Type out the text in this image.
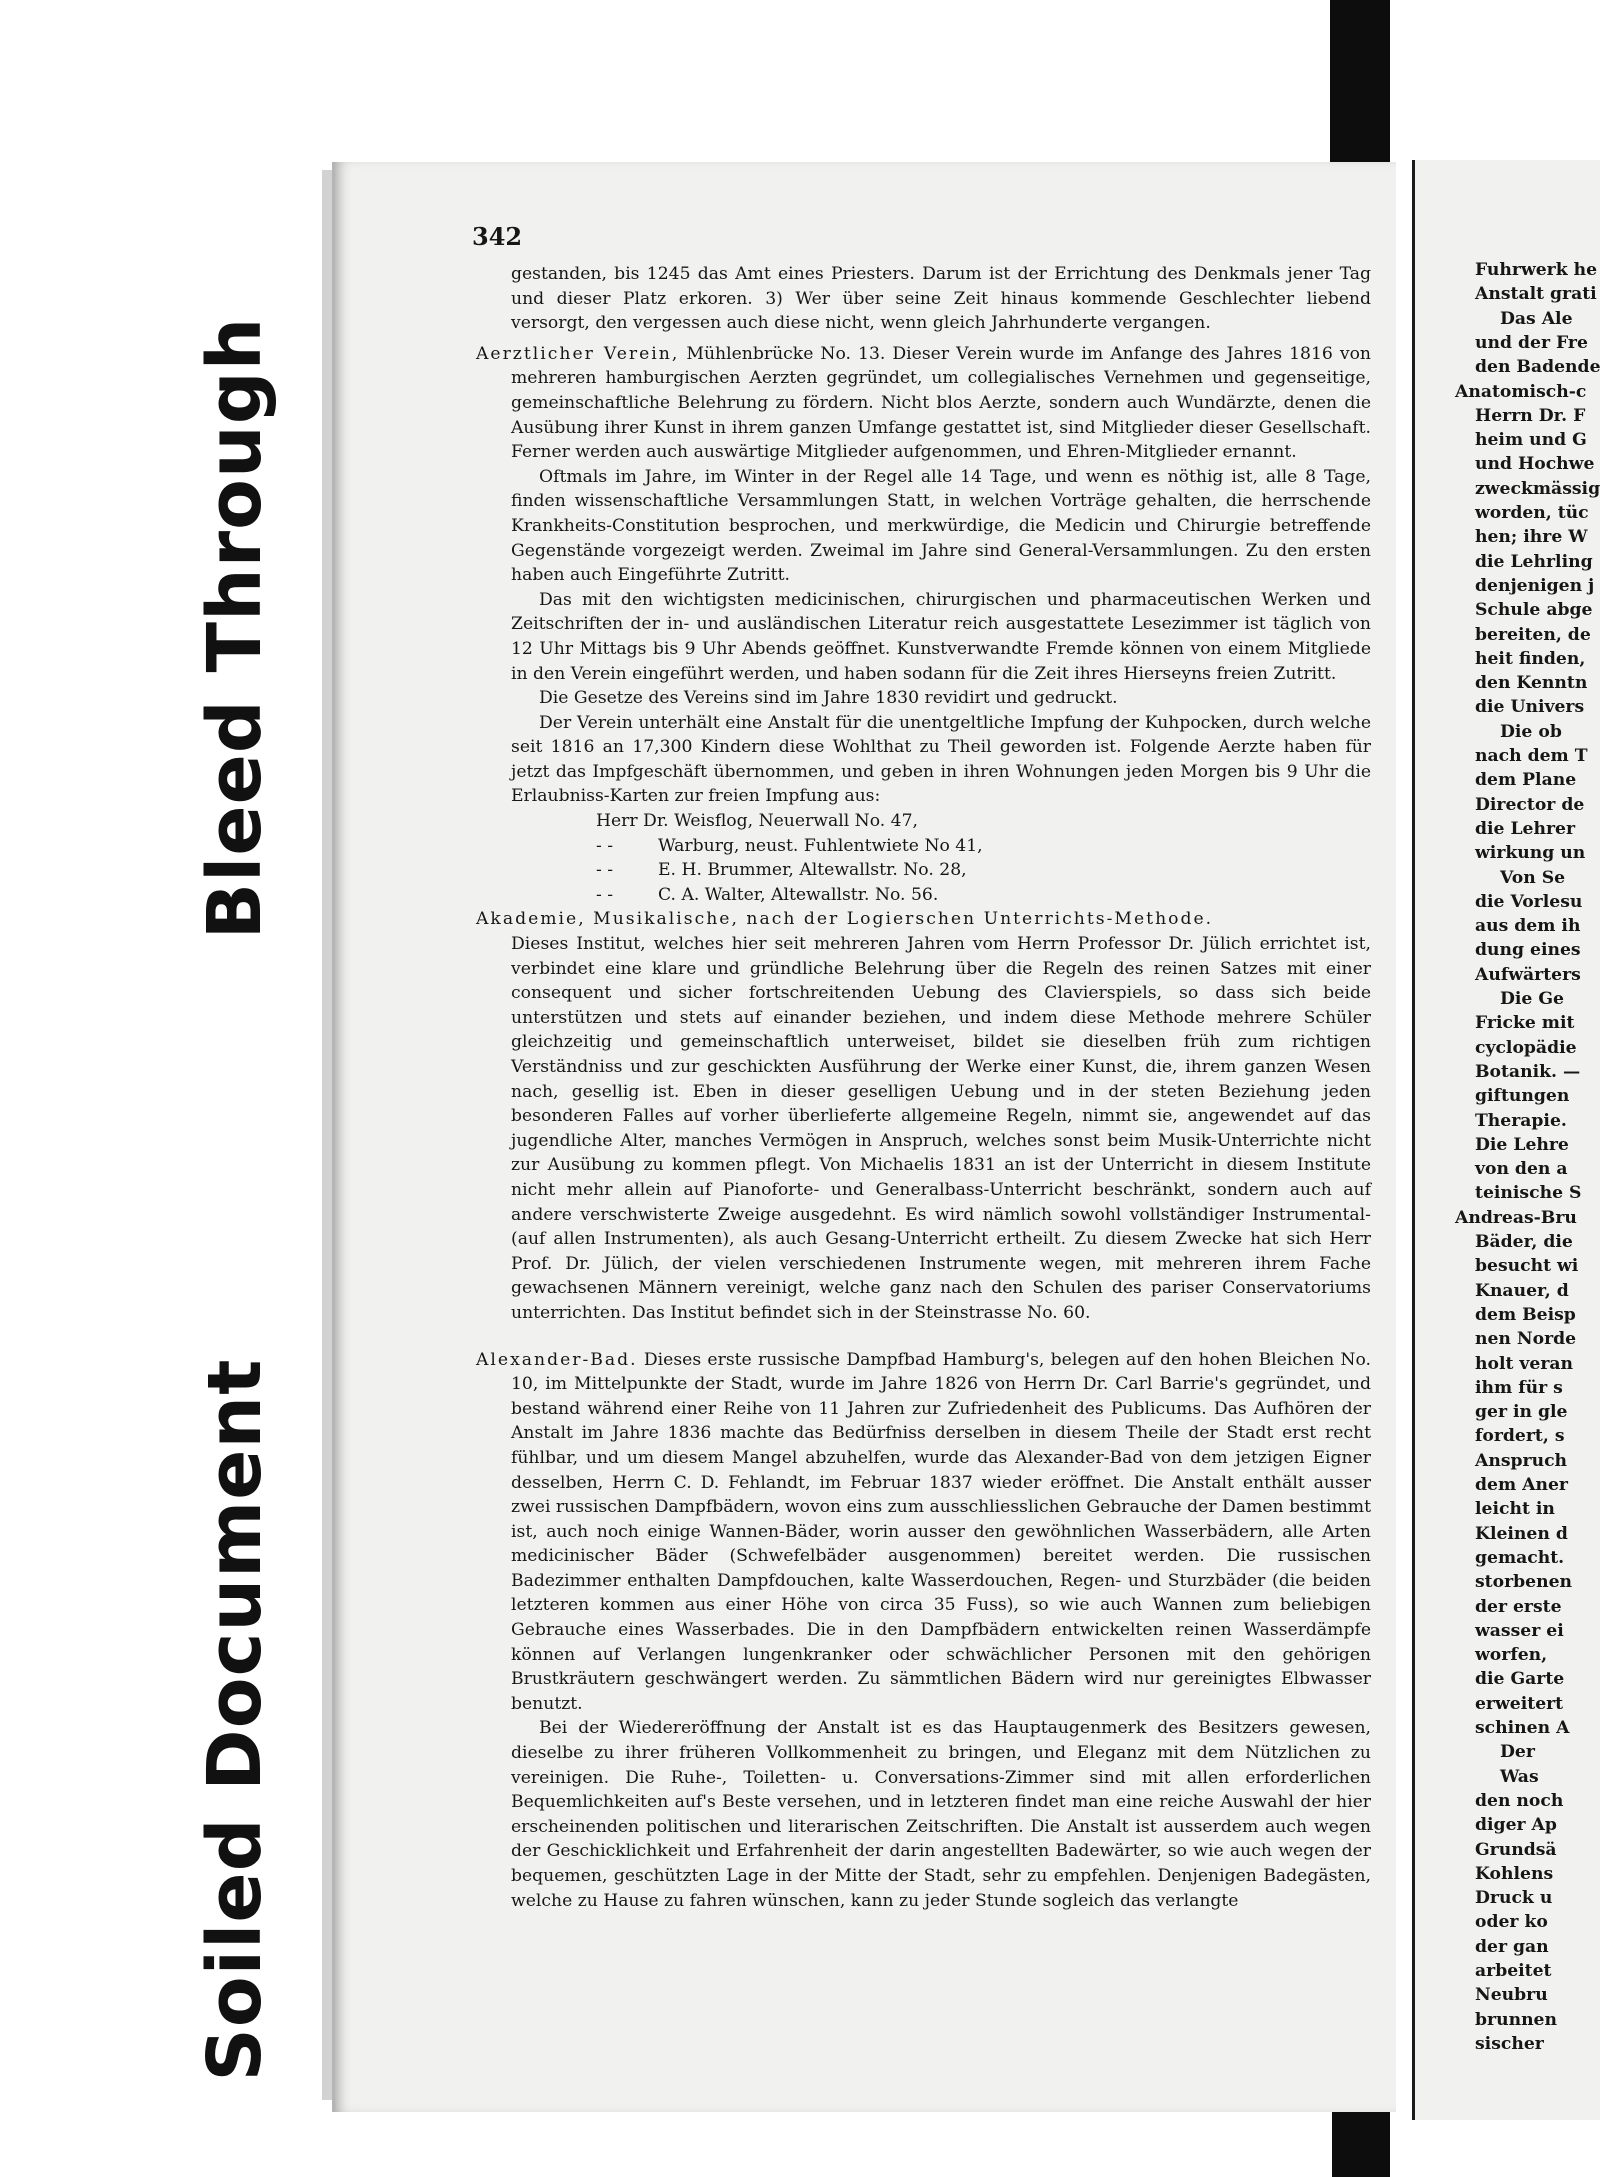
Bleed Through
Soiled Document
342

gestanden, bis 1245 das Amt eines Priesters. Darum ist der Errichtung des Denkmals jener Tag und dieser Platz erkoren. 3) Wer über seine Zeit hinaus kommende Geschlechter liebend versorgt, den vergessen auch diese nicht, wenn gleich Jahrhunderte vergangen.

Aerztlicher Verein, Mühlenbrücke No. 13. Dieser Verein wurde im Anfange des Jahres 1816 von mehreren hamburgischen Aerzten gegründet, um collegialisches Vernehmen und gegenseitige, gemeinschaftliche Belehrung zu fördern. Nicht blos Aerzte, sondern auch Wundärzte, denen die Ausübung ihrer Kunst in ihrem ganzen Umfange gestattet ist, sind Mitglieder dieser Gesellschaft. Ferner werden auch auswärtige Mitglieder aufgenommen, und Ehren-Mitglieder ernannt.

Oftmals im Jahre, im Winter in der Regel alle 14 Tage, und wenn es nöthig ist, alle 8 Tage, finden wissenschaftliche Versammlungen Statt, in welchen Vorträge gehalten, die herrschende Krankheits-Constitution besprochen, und merkwürdige, die Medicin und Chirurgie betreffende Gegenstände vorgezeigt werden. Zweimal im Jahre sind General-Versammlungen. Zu den ersten haben auch Eingeführte Zutritt.

Das mit den wichtigsten medicinischen, chirurgischen und pharmaceutischen Werken und Zeitschriften der in- und ausländischen Literatur reich ausgestattete Lesezimmer ist täglich von 12 Uhr Mittags bis 9 Uhr Abends geöffnet. Kunstverwandte Fremde können von einem Mitgliede in den Verein eingeführt werden, und haben sodann für die Zeit ihres Hierseyns freien Zutritt.

Die Gesetze des Vereins sind im Jahre 1830 revidirt und gedruckt.

Der Verein unterhält eine Anstalt für die unentgeltliche Impfung der Kuhpocken, durch welche seit 1816 an 17,300 Kindern diese Wohlthat zu Theil geworden ist. Folgende Aerzte haben für jetzt das Impfgeschäft übernommen, und geben in ihren Wohnungen jeden Morgen bis 9 Uhr die Erlaubniss-Karten zur freien Impfung aus:

Herr Dr. Weisflog, Neuerwall No. 47,
- -	Warburg, neust. Fuhlentwiete No 41,
- -	E. H. Brummer, Altewallstr. No. 28,
- -	C. A. Walter, Altewallstr. No. 56.

Akademie, Musikalische, nach der Logierschen Unterrichts-Methode.

Dieses Institut, welches hier seit mehreren Jahren vom Herrn Professor Dr. Jülich errichtet ist, verbindet eine klare und gründliche Belehrung über die Regeln des reinen Satzes mit einer consequent und sicher fortschreitenden Uebung des Clavierspiels, so dass sich beide unterstützen und stets auf einander beziehen, und indem diese Methode mehrere Schüler gleichzeitig und gemeinschaftlich unterweiset, bildet sie dieselben früh zum richtigen Verständniss und zur geschickten Ausführung der Werke einer Kunst, die, ihrem ganzen Wesen nach, gesellig ist. Eben in dieser geselligen Uebung und in der steten Beziehung jeden besonderen Falles auf vorher überlieferte allgemeine Regeln, nimmt sie, angewendet auf das jugendliche Alter, manches Vermögen in Anspruch, welches sonst beim Musik-Unterrichte nicht zur Ausübung zu kommen pflegt. Von Michaelis 1831 an ist der Unterricht in diesem Institute nicht mehr allein auf Pianoforte- und Generalbass-Unterricht beschränkt, sondern auch auf andere verschwisterte Zweige ausgedehnt. Es wird nämlich sowohl vollständiger Instrumental- (auf allen Instrumenten), als auch Gesang-Unterricht ertheilt. Zu diesem Zwecke hat sich Herr Prof. Dr. Jülich, der vielen verschiedenen Instrumente wegen, mit mehreren ihrem Fache gewachsenen Männern vereinigt, welche ganz nach den Schulen des pariser Conservatoriums unterrichten. Das Institut befindet sich in der Steinstrasse No. 60.

Alexander-Bad. Dieses erste russische Dampfbad Hamburg's, belegen auf den hohen Bleichen No. 10, im Mittelpunkte der Stadt, wurde im Jahre 1826 von Herrn Dr. Carl Barrie's gegründet, und bestand während einer Reihe von 11 Jahren zur Zufriedenheit des Publicums. Das Aufhören der Anstalt im Jahre 1836 machte das Bedürfniss derselben in diesem Theile der Stadt erst recht fühlbar, und um diesem Mangel abzuhelfen, wurde das Alexander-Bad von dem jetzigen Eigner desselben, Herrn C. D. Fehlandt, im Februar 1837 wieder eröffnet. Die Anstalt enthält ausser zwei russischen Dampfbädern, wovon eins zum ausschliesslichen Gebrauche der Damen bestimmt ist, auch noch einige Wannen-Bäder, worin ausser den gewöhnlichen Wasserbädern, alle Arten medicinischer Bäder (Schwefelbäder ausgenommen) bereitet werden. Die russischen Badezimmer enthalten Dampfdouchen, kalte Wasserdouchen, Regen- und Sturzbäder (die beiden letzteren kommen aus einer Höhe von circa 35 Fuss), so wie auch Wannen zum beliebigen Gebrauche eines Wasserbades. Die in den Dampfbädern entwickelten reinen Wasserdämpfe können auf Verlangen lungenkranker oder schwächlicher Personen mit den gehörigen Brustkräutern geschwängert werden. Zu sämmtlichen Bädern wird nur gereinigtes Elbwasser benutzt.

Bei der Wiedereröffnung der Anstalt ist es das Hauptaugenmerk des Besitzers gewesen, dieselbe zu ihrer früheren Vollkommenheit zu bringen, und Eleganz mit dem Nützlichen zu vereinigen. Die Ruhe-, Toiletten- u. Conversations-Zimmer sind mit allen erforderlichen Bequemlichkeiten auf's Beste versehen, und in letzteren findet man eine reiche Auswahl der hier erscheinenden politischen und literarischen Zeitschriften. Die Anstalt ist ausserdem auch wegen der Geschicklichkeit und Erfahrenheit der darin angestellten Badewärter, so wie auch wegen der bequemen, geschützten Lage in der Mitte der Stadt, sehr zu empfehlen. Denjenigen Badegästen, welche zu Hause zu fahren wünschen, kann zu jeder Stunde sogleich das verlangte

Fuhrwerk he
Anstalt grati
Das Ale
und der Fre
den Badende
Anatomisch-c
Herrn Dr. F
heim und G
und Hochwe
zweckmässig
worden, tüc
hen; ihre W
die Lehrling
denjenigen j
Schule abge
bereiten, de
heit finden,
den Kenntn
die Univers
Die ob
nach dem T
dem Plane
Director de
die Lehrer
wirkung un
Von Se
die Vorlesu
aus dem ih
dung eines
Aufwärters
Die Ge
Fricke mit
cyclopädie
Botanik. —
giftungen
Therapie.
Die Lehre
von den a
teinische S
Andreas-Bru
Bäder, die
besucht wi
Knauer, d
dem Beisp
nen Norde
holt veran
ihm für s
ger in gle
fordert, s
Anspruch
dem Aner
leicht in
Kleinen d
gemacht.
storbenen
der erste
wasser ei
worfen,
die Garte
erweitert
schinen A
Der
Was
den noch
diger Ap
Grundsä
Kohlens
Druck u
oder ko
der gan
arbeitet
Neubru
brunnen
sischer
